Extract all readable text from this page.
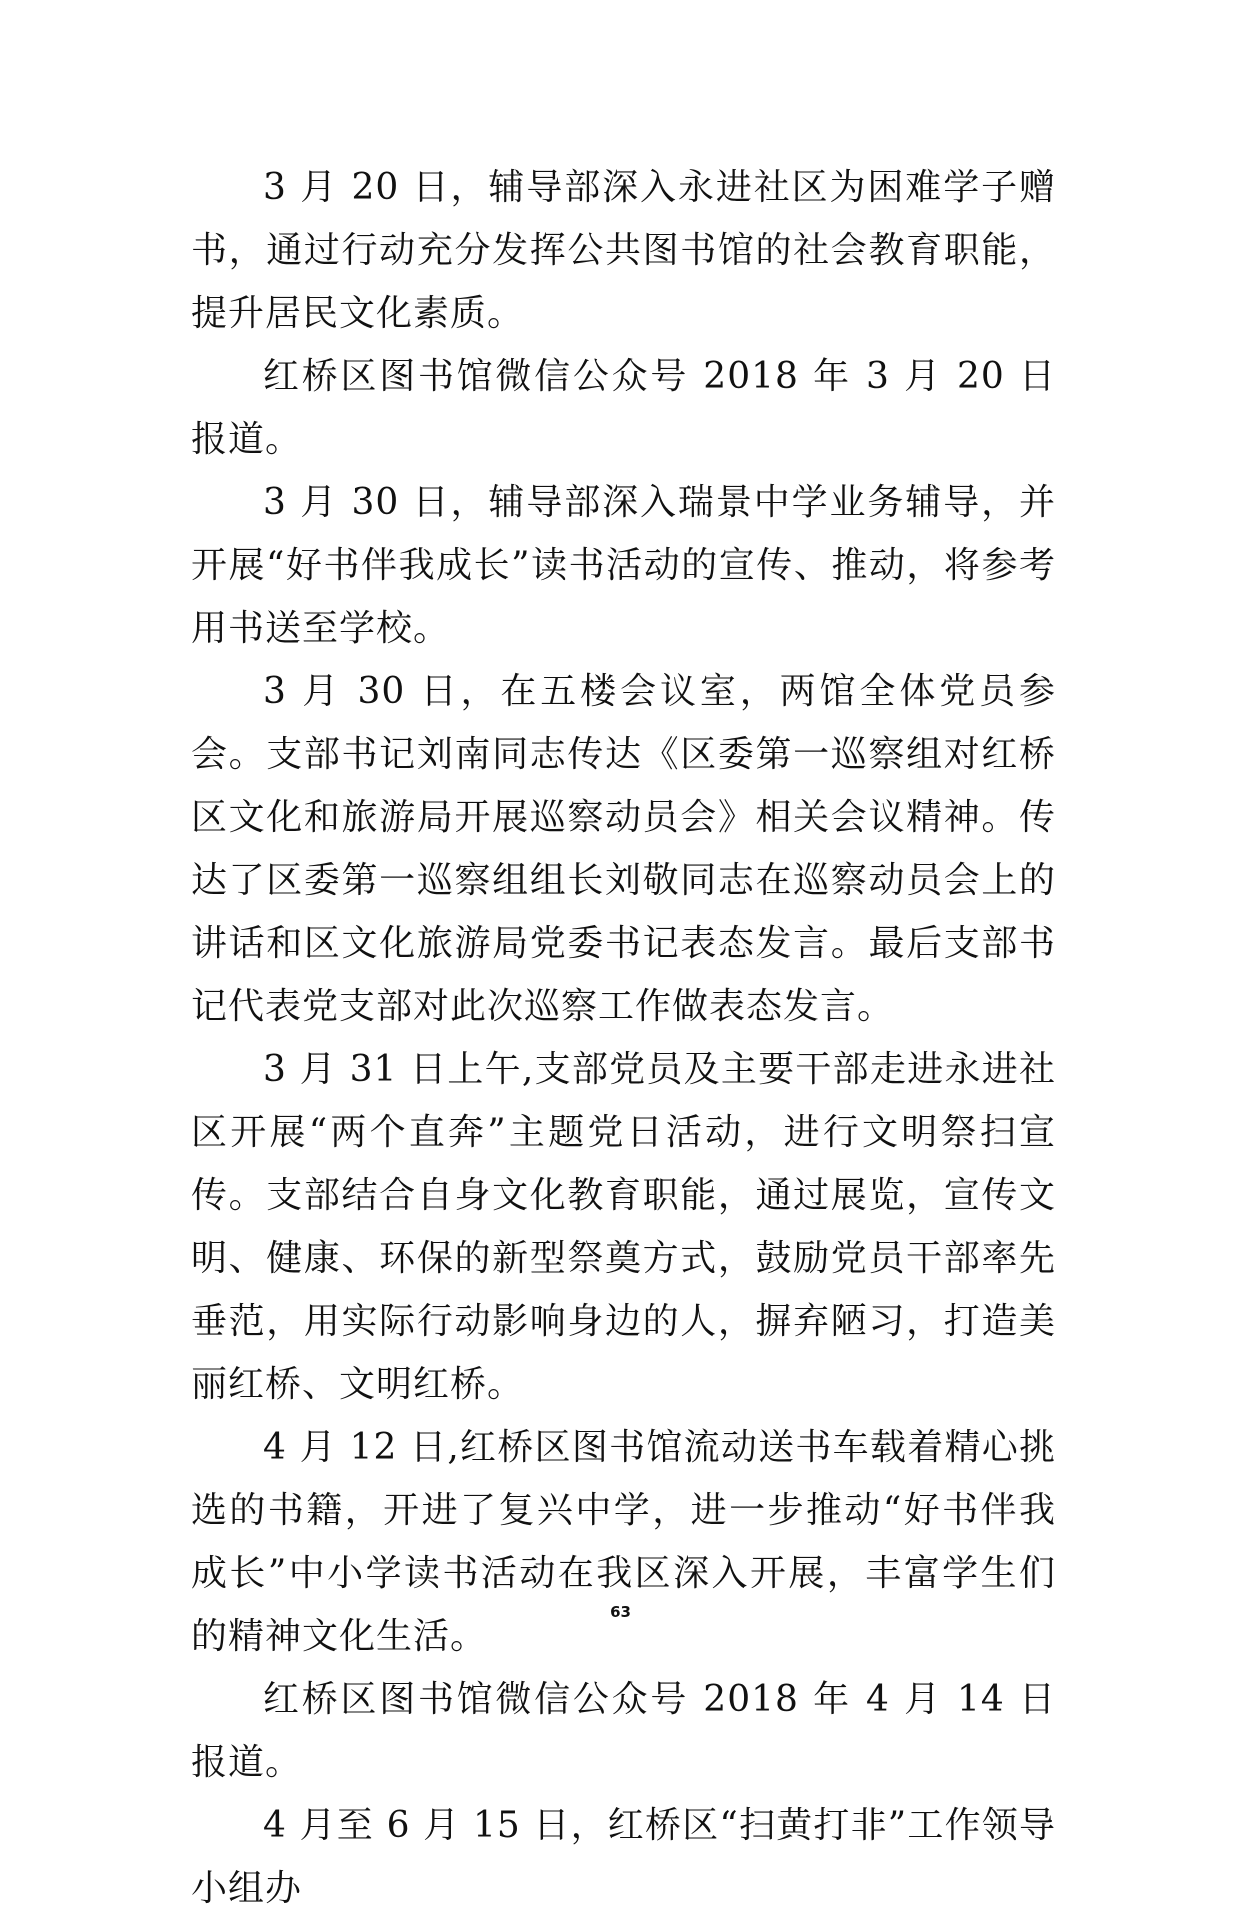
3 月 20 日，辅导部深入永进社区为困难学子赠书，通过行动充分发挥公共图书馆的社会教育职能，提升居民文化素质。

红桥区图书馆微信公众号 2018 年 3 月 20 日报道。

3 月 30 日，辅导部深入瑞景中学业务辅导，并开展“好书伴我成长”读书活动的宣传、推动，将参考用书送至学校。

3 月 30 日，在五楼会议室，两馆全体党员参会。支部书记刘南同志传达《区委第一巡察组对红桥区文化和旅游局开展巡察动员会》相关会议精神。传达了区委第一巡察组组长刘敬同志在巡察动员会上的讲话和区文化旅游局党委书记表态发言。最后支部书记代表党支部对此次巡察工作做表态发言。

3 月 31 日上午,支部党员及主要干部走进永进社区开展“两个直奔”主题党日活动，进行文明祭扫宣传。支部结合自身文化教育职能，通过展览，宣传文明、健康、环保的新型祭奠方式，鼓励党员干部率先垂范，用实际行动影响身边的人，摒弃陋习，打造美丽红桥、文明红桥。

4 月 12 日,红桥区图书馆流动送书车载着精心挑选的书籍，开进了复兴中学，进一步推动“好书伴我成长”中小学读书活动在我区深入开展，丰富学生们的精神文化生活。

红桥区图书馆微信公众号 2018 年 4 月 14 日报道。

4 月至 6 月 15 日，红桥区“扫黄打非”工作领导小组办

63
